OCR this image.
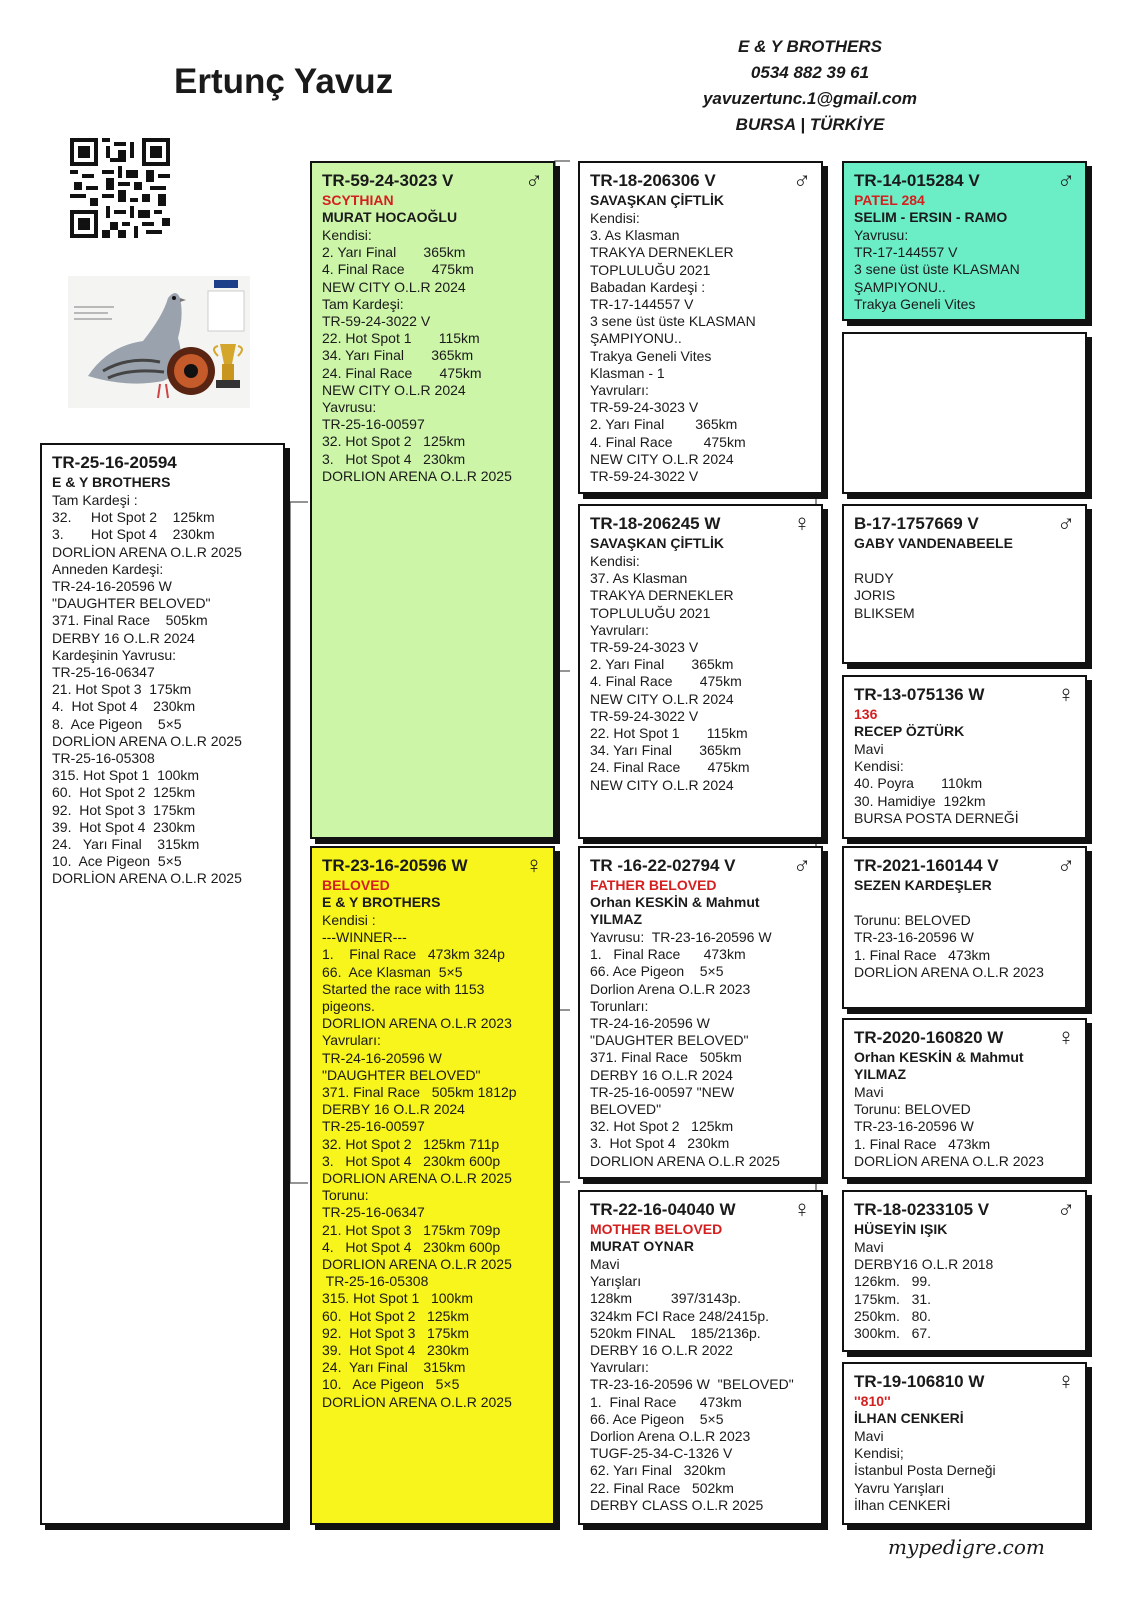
Ertunç Yavuz
E & Y BROTHERS
0534 882 39 61
yavuzertunc.1@gmail.com
BURSA | TÜRKİYE
TR-25-16-20594
E & Y BROTHERS
Tam Kardeşi :
32.     Hot Spot 2    125km
3.       Hot Spot 4    230km
DORLİON ARENA O.L.R 2025
Anneden Kardeşi:
TR-24-16-20596 W
"DAUGHTER BELOVED"
371. Final Race    505km
DERBY 16 O.L.R 2024
Kardeşinin Yavrusu:
TR-25-16-06347
21. Hot Spot 3  175km
4.  Hot Spot 4    230km
8.  Ace Pigeon    5×5
DORLİON ARENA O.L.R 2025
TR-25-16-05308
315. Hot Spot 1  100km
60.  Hot Spot 2  125km
92.  Hot Spot 3  175km
39.  Hot Spot 4  230km
24.   Yarı Final    315km
10.  Ace Pigeon  5×5
DORLİON ARENA O.L.R 2025
♂
TR-59-24-3023 V
SCYTHIAN
MURAT HOCAOĞLU
Kendisi:
2. Yarı Final       365km
4. Final Race       475km
NEW CITY O.L.R 2024
Tam Kardeşi:
TR-59-24-3022 V
22. Hot Spot 1       115km
34. Yarı Final       365km
24. Final Race       475km
NEW CITY O.L.R 2024
Yavrusu:
TR-25-16-00597
32. Hot Spot 2   125km
3.   Hot Spot 4   230km
DORLION ARENA O.L.R 2025
♀
TR-23-16-20596 W
BELOVED
E & Y BROTHERS
Kendisi :
---WINNER---
1.    Final Race   473km 324p
66.  Ace Klasman  5×5
Started the race with 1153
pigeons.
DORLION ARENA O.L.R 2023
Yavruları:
TR-24-16-20596 W
"DAUGHTER BELOVED"
371. Final Race   505km 1812p
DERBY 16 O.L.R 2024
TR-25-16-00597
32. Hot Spot 2   125km 711p
3.   Hot Spot 4   230km 600p
DORLION ARENA O.L.R 2025
Torunu:
TR-25-16-06347
21. Hot Spot 3   175km 709p
4.   Hot Spot 4   230km 600p
DORLION ARENA O.L.R 2025
TR-25-16-05308
315. Hot Spot 1   100km
60.  Hot Spot 2   125km
92.  Hot Spot 3   175km
39.  Hot Spot 4   230km
24.  Yarı Final    315km
10.   Ace Pigeon   5×5
DORLİON ARENA O.L.R 2025
♂
TR-18-206306 V
SAVAŞKAN ÇİFTLİK
Kendisi:
3. As Klasman
TRAKYA DERNEKLER
TOPLULUĞU 2021
Babadan Kardeşi :
TR-17-144557 V
3 sene üst üste KLASMAN
ŞAMPIYONU..
Trakya Geneli Vites
Klasman - 1
Yavruları:
TR-59-24-3023 V
2. Yarı Final        365km
4. Final Race        475km
NEW CITY O.L.R 2024
TR-59-24-3022 V
♀
TR-18-206245 W
SAVAŞKAN ÇİFTLİK
Kendisi:
37. As Klasman
TRAKYA DERNEKLER
TOPLULUĞU 2021
Yavruları:
TR-59-24-3023 V
2. Yarı Final       365km
4. Final Race       475km
NEW CITY O.L.R 2024
TR-59-24-3022 V
22. Hot Spot 1       115km
34. Yarı Final       365km
24. Final Race       475km
NEW CITY O.L.R 2024
♂
TR -16-22-02794 V
FATHER BELOVED
Orhan KESKİN & Mahmut
YILMAZ
Yavrusu:  TR-23-16-20596 W
1.   Final Race      473km
66. Ace Pigeon    5×5
Dorlion Arena O.L.R 2023
Torunları:
TR-24-16-20596 W
"DAUGHTER BELOVED"
371. Final Race   505km
DERBY 16 O.L.R 2024
TR-25-16-00597 "NEW
BELOVED"
32. Hot Spot 2   125km
3.  Hot Spot 4   230km
DORLION ARENA O.L.R 2025
♀
TR-22-16-04040 W
MOTHER BELOVED
MURAT OYNAR
Mavi
Yarışları
128km          397/3143p.
324km FCI Race 248/2415p.
520km FINAL    185/2136p.
DERBY 16 O.L.R 2022
Yavruları:
TR-23-16-20596 W  "BELOVED"
1.  Final Race      473km
66. Ace Pigeon    5×5
Dorlion Arena O.L.R 2023
TUGF-25-34-C-1326 V
62. Yarı Final   320km
22. Final Race   502km
DERBY CLASS O.L.R 2025
♂
TR-14-015284 V
PATEL 284
SELIM - ERSIN - RAMO
Yavrusu:
TR-17-144557 V
3 sene üst üste KLASMAN
ŞAMPIYONU..
Trakya Geneli Vites
♂
B-17-1757669 V
GABY VANDENABEELE

RUDY
JORIS
BLIKSEM
♀
TR-13-075136 W
136
RECEP ÖZTÜRK
Mavi
Kendisi:
40. Poyra       110km
30. Hamidiye  192km
BURSA POSTA DERNEĞİ
♂
TR-2021-160144 V
SEZEN KARDEŞLER

Torunu: BELOVED
TR-23-16-20596 W
1. Final Race   473km
DORLİON ARENA O.L.R 2023
♀
TR-2020-160820 W
Orhan KESKİN & Mahmut
YILMAZ
Mavi
Torunu: BELOVED
TR-23-16-20596 W
1. Final Race   473km
DORLİON ARENA O.L.R 2023
♂
TR-18-0233105 V
HÜSEYİN IŞIK
Mavi
DERBY16 O.L.R 2018
126km.   99.
175km.   31.
250km.   80.
300km.   67.
♀
TR-19-106810 W
''810''
İLHAN CENKERİ
Mavi
Kendisi;
İstanbul Posta Derneği
Yavru Yarışları
İlhan CENKERİ
mypedigre.com
